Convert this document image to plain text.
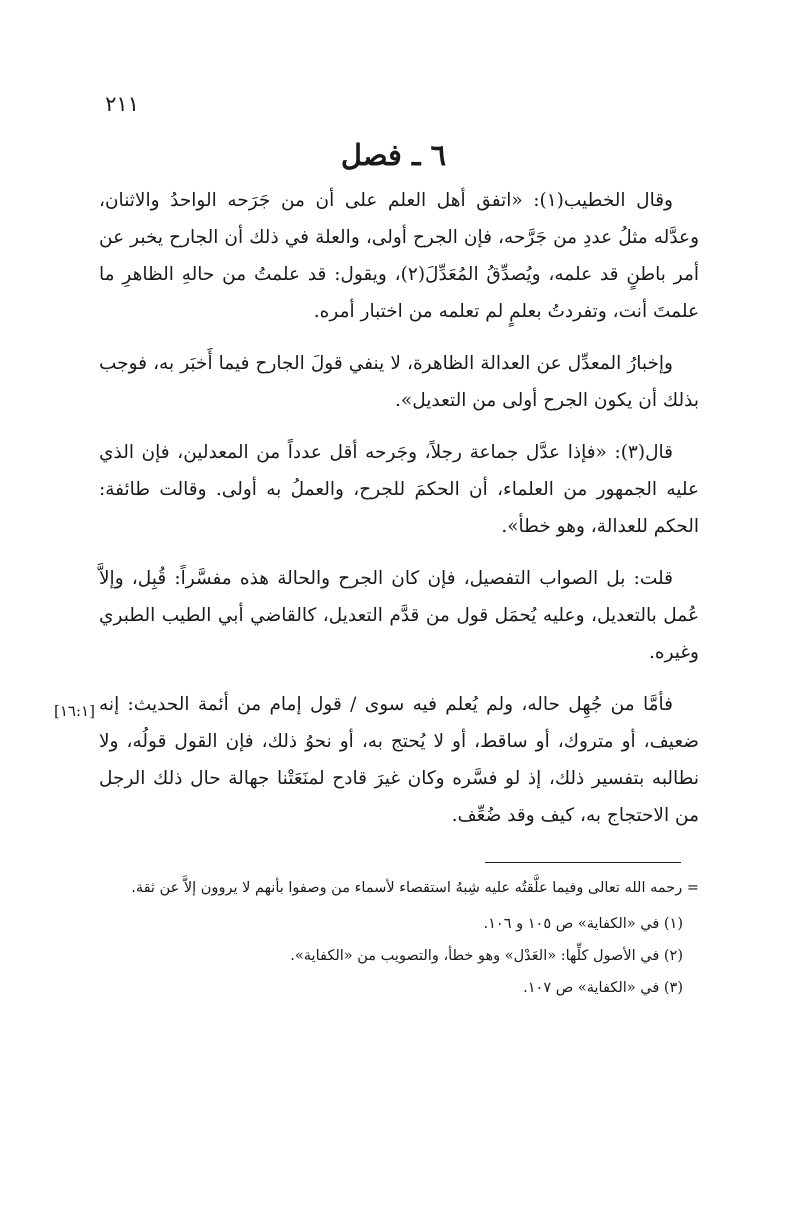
٢١١
٦ ـ فصل

وقال الخطيب(١): «اتفق أهل العلم على أن من جَرَحه الواحدُ والاثنان، وعدَّله مثلُ عددِ من جَرَّحه، فإن الجرح أولى، والعلة في ذلك أن الجارح يخبر عن أمر باطنٍ قد علمه، ويُصدِّقُ المُعَدِّلَ(٢)، ويقول: قد علمتُ من حالهِ الظاهرِ ما علمتَ أنت، وتفردتُ بعلمٍ لم تعلمه من اختبار أمره.

وإخبارُ المعدِّل عن العدالة الظاهرة، لا ينفي قولَ الجارح فيما أَخبَر به، فوجب بذلك أن يكون الجرح أولى من التعديل».

قال(٣): «فإذا عدَّل جماعة رجلاً، وجَرحه أقل عدداً من المعدلين، فإن الذي عليه الجمهور من العلماء، أن الحكمَ للجرح، والعملُ به أولى. وقالت طائفة: الحكم للعدالة، وهو خطأ».

قلت: بل الصواب التفصيل، فإن كان الجرح والحالة هذه مفسَّراً: قُبِل، وإلاَّ عُمل بالتعديل، وعليه يُحمَل قول من قدَّم التعديل، كالقاضي أبي الطيب الطبري وغيره.

فأمَّا من جُهِل حاله، ولم يُعلم فيه سوى / قول إمام من أئمة الحديث: إنه ضعيف، أو متروك، أو ساقط، أو لا يُحتج به، أو نحوُ ذلك، فإن القول قولُه، ولا نطالبه بتفسير ذلك، إذ لو فسَّره وكان غيرَ قادح لمنَعَتْنا جهالة حال ذلك الرجل من الاحتجاج به، كيف وقد ضُعِّف.

[١٦:١]

= رحمه الله تعالى وفيما علَّقتُه عليه شِبهُ استقصاء لأسماء من وصفوا بأنهم لا يروون إلاَّ عن ثقة.

(١) في «الكفاية» ص ١٠٥ و ١٠٦.

(٢) في الأصول كلِّها: «العَدْل» وهو خطأ، والتصويب من «الكفاية».

(٣) في «الكفاية» ص ١٠٧.
